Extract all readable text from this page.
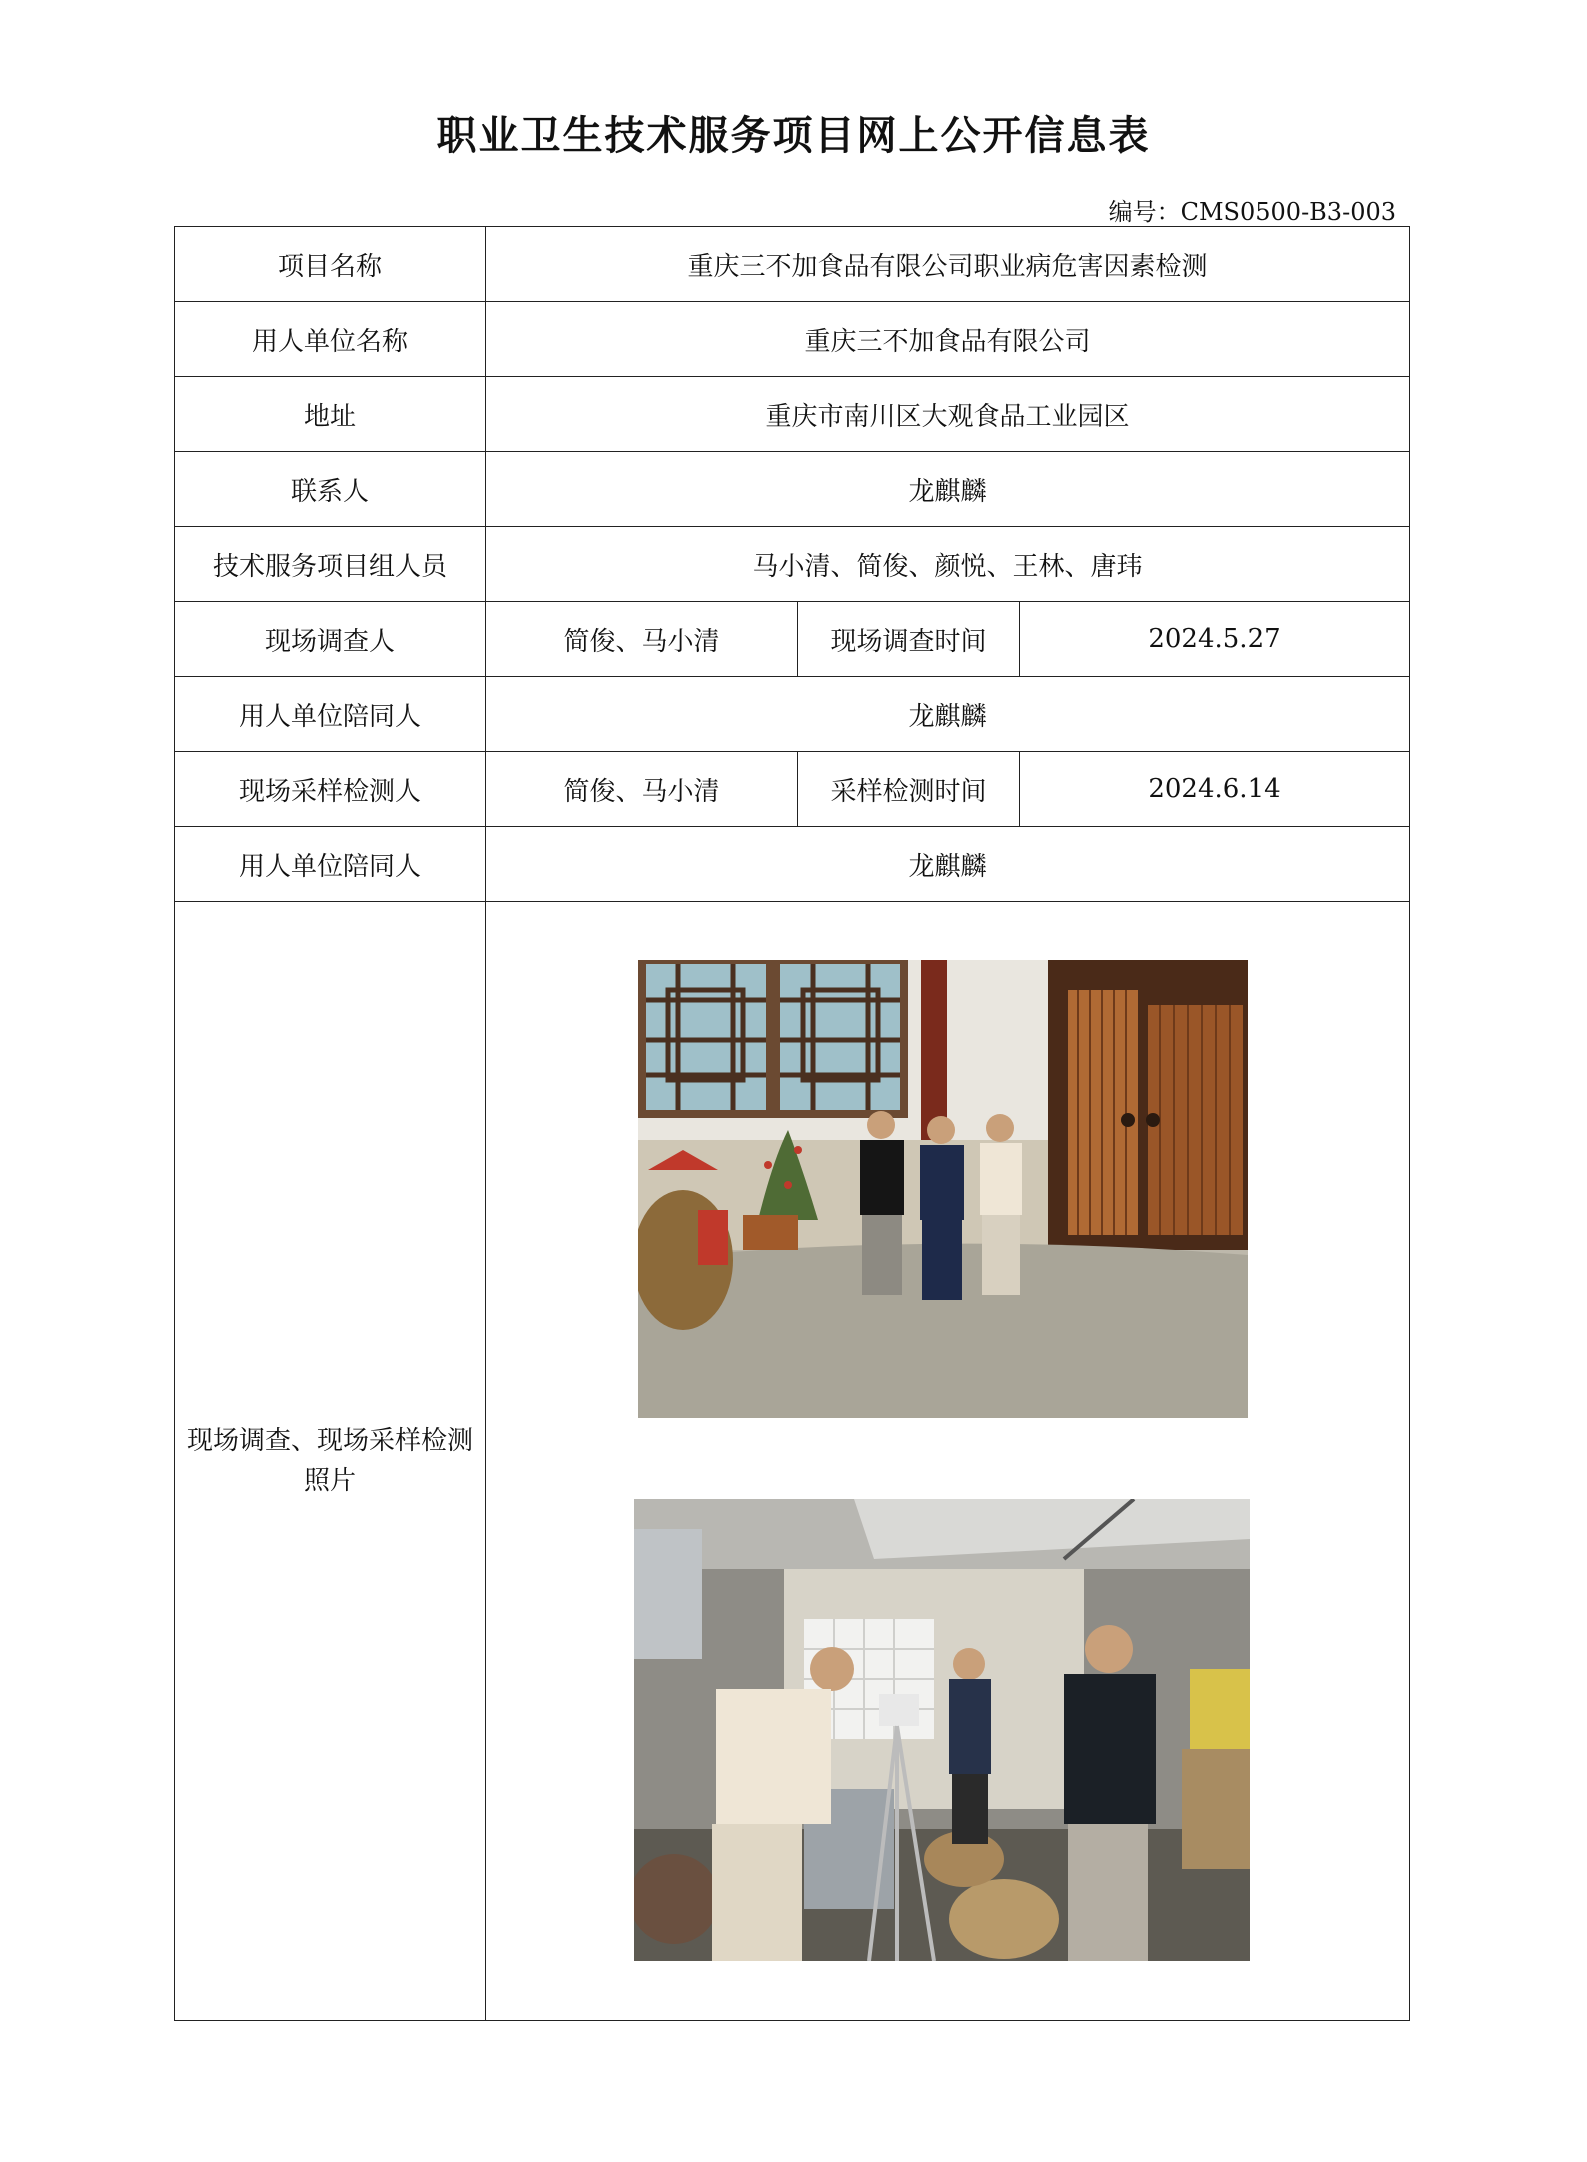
职业卫生技术服务项目网上公开信息表
编号：CMS0500-B3-003
项目名称	重庆三不加食品有限公司职业病危害因素检测		
用人单位名称	重庆三不加食品有限公司		
地址	重庆市南川区大观食品工业园区		
联系人	龙麒麟		
技术服务项目组人员	马小清、简俊、颜悦、王林、唐玮		
现场调查人	简俊、马小清	现场调查时间	2024.5.27
用人单位陪同人	龙麒麟		
现场采样检测人	简俊、马小清	采样检测时间	2024.6.14
用人单位陪同人	龙麒麟		
现场调查、现场采样检测照片	
